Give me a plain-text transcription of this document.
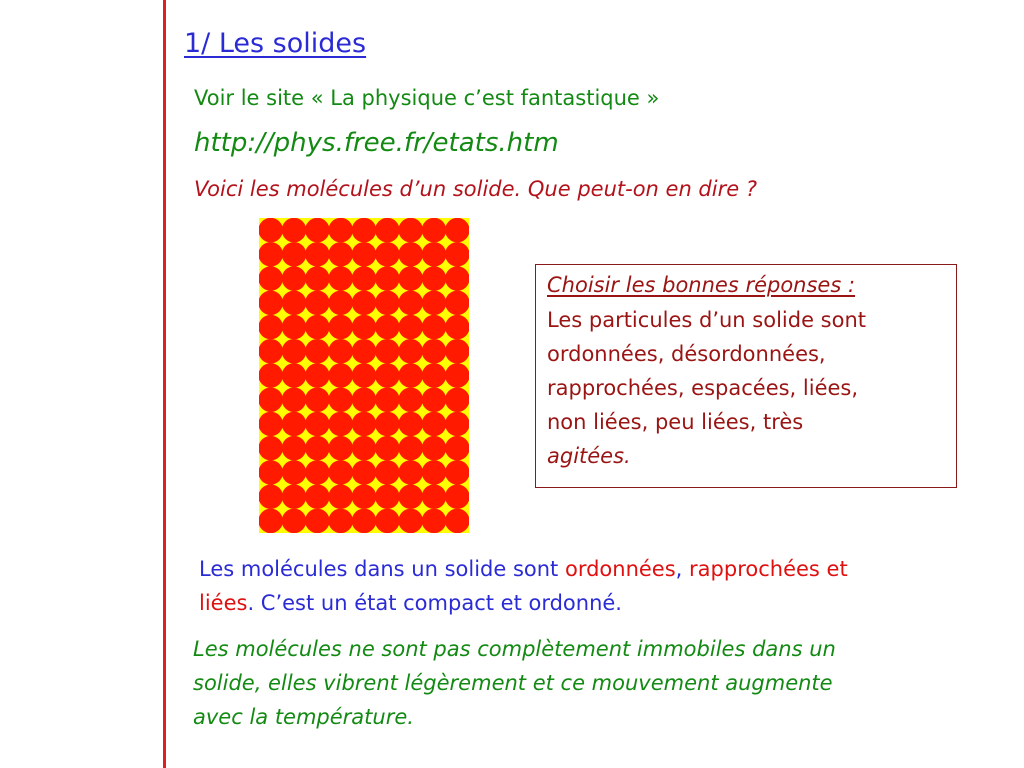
1/ Les solides
Voir le site « La physique c’est fantastique »
http://phys.free.fr/etats.htm
Voici les molécules d’un solide. Que peut-on en dire ?
Choisir les bonnes réponses :
Les particules d’un solide sont
ordonnées, désordonnées,
rapprochées, espacées, liées,
non liées, peu liées, très
agitées.
Les molécules dans un solide sont ordonnées, rapprochées et
liées. C’est un état compact et ordonné.
Les molécules ne sont pas complètement immobiles dans un
solide, elles vibrent légèrement et ce mouvement augmente
avec la température.
